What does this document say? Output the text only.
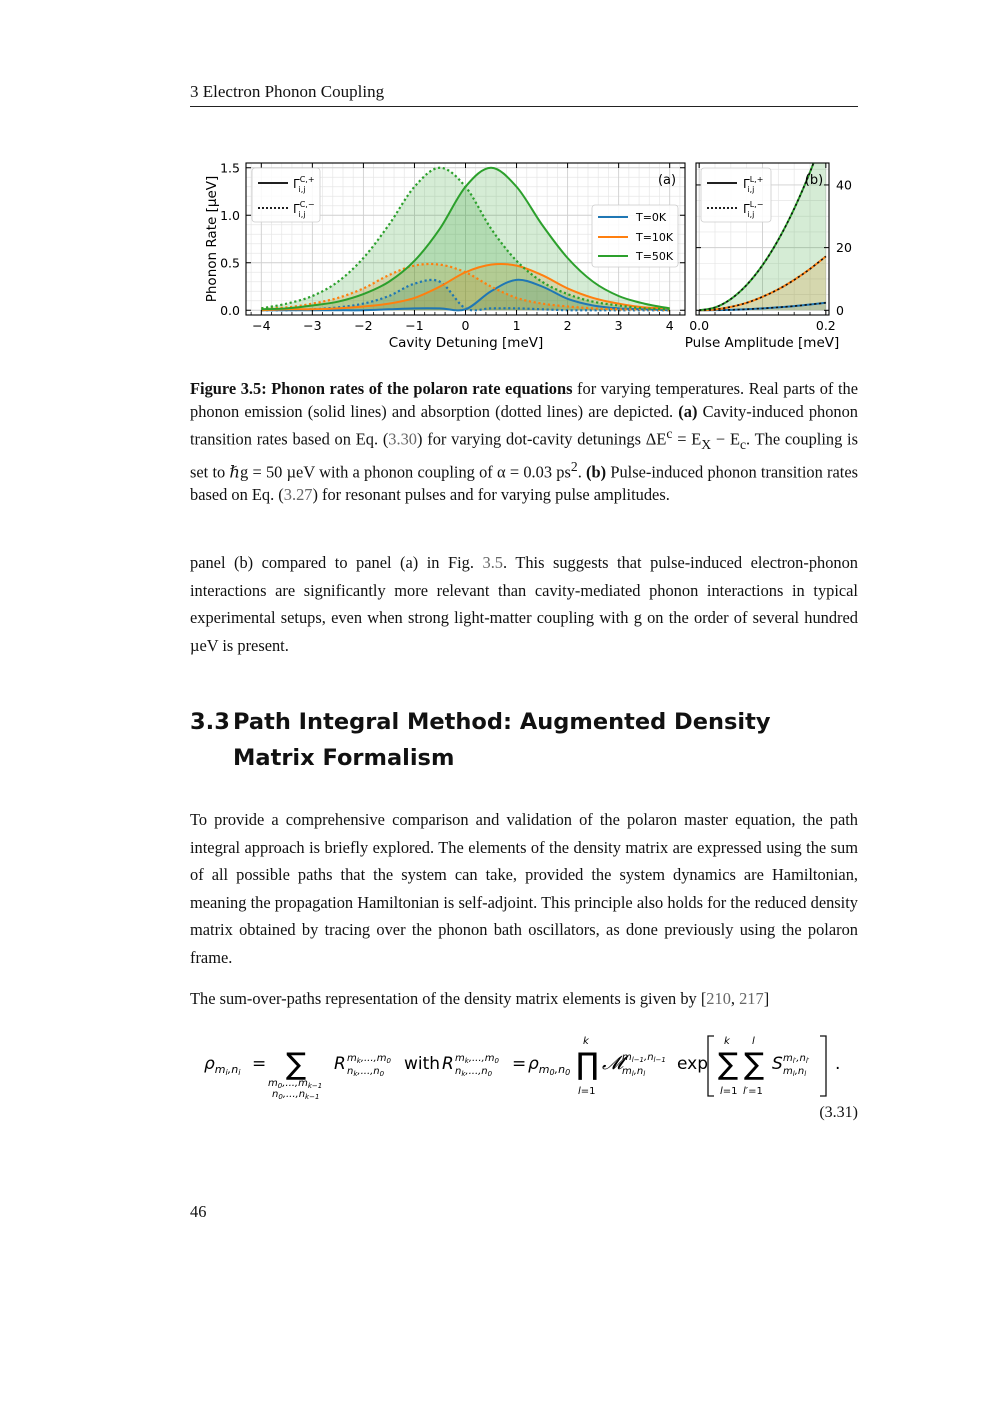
3 Electron Phonon Coupling
−4	−3	−2	−1	0	1	2	3	4
0.0
0.5
1.0
1.5
(a)
Cavity Detuning [meV]
Phonon Rate [µeV]	$\Gamma^{C,+}$ i,j
$\Gamma^{C,-}$ i,j	T=0K
T=10K
T=50K
0.0	0.2
0
20
40
(b)
Pulse Amplitude [meV]
$\Gamma^{L,+}$ i,j
$\Gamma^{L,-}$ i,j
Figure 3.5: Phonon rates of the polaron rate equations for varying temperatures. Real parts of the phonon emission (solid lines) and absorption (dotted lines) are depicted. (a) Cavity-induced phonon transition rates based on Eq. (3.30) for varying dot-cavity detunings $\Delta E^c = E_X - E_c$. The coupling is set to ℏg = 50 µeV with a phonon coupling of α = 0.03 $ps^2$. (b) Pulse-induced phonon transition rates based on Eq. (3.27) for resonant pulses and for varying pulse amplitudes.
panel (b) compared to panel (a) in Fig. 3.5. This suggests that pulse-induced electron-phonon interactions are significantly more relevant than cavity-mediated phonon interactions in typical experimental setups, even when strong light-matter coupling with g on the order of several hundred µeV is present.
3.3 Path Integral Method: Augmented Density Matrix Formalism
To provide a comprehensive comparison and validation of the polaron master equation, the path integral approach is briefly explored. The elements of the density matrix are expressed using the sum of all possible paths that the system can take, provided the system dynamics are Hamiltonian, meaning the propagation Hamiltonian is self-adjoint. This principle also holds for the reduced density matrix obtained by tracing over the phonon bath oscillators, as done previously using the polaron frame.
The sum-over-paths representation of the density matrix elements is given by [210, 217]
$\rho_mi,ni$ = ∑
$m_0,...,m_{k-1}$
$n_0,...,n_{k-1}$
R $m_k,...,m_0$
$n_k,...,n_0$ with R $m_k,...,m_0$
$n_k,...,n_0 = \rho_m0,n0$ ∏
k
l=1
𝓜
$m_{l-1},n_{l-1}$
$m_l,n_l$ exp ∑
k
l=1
∑
l
l′=1
S $m_{l'},n_{l'}$
$m_l,n_l$ .
(3.31)
46
